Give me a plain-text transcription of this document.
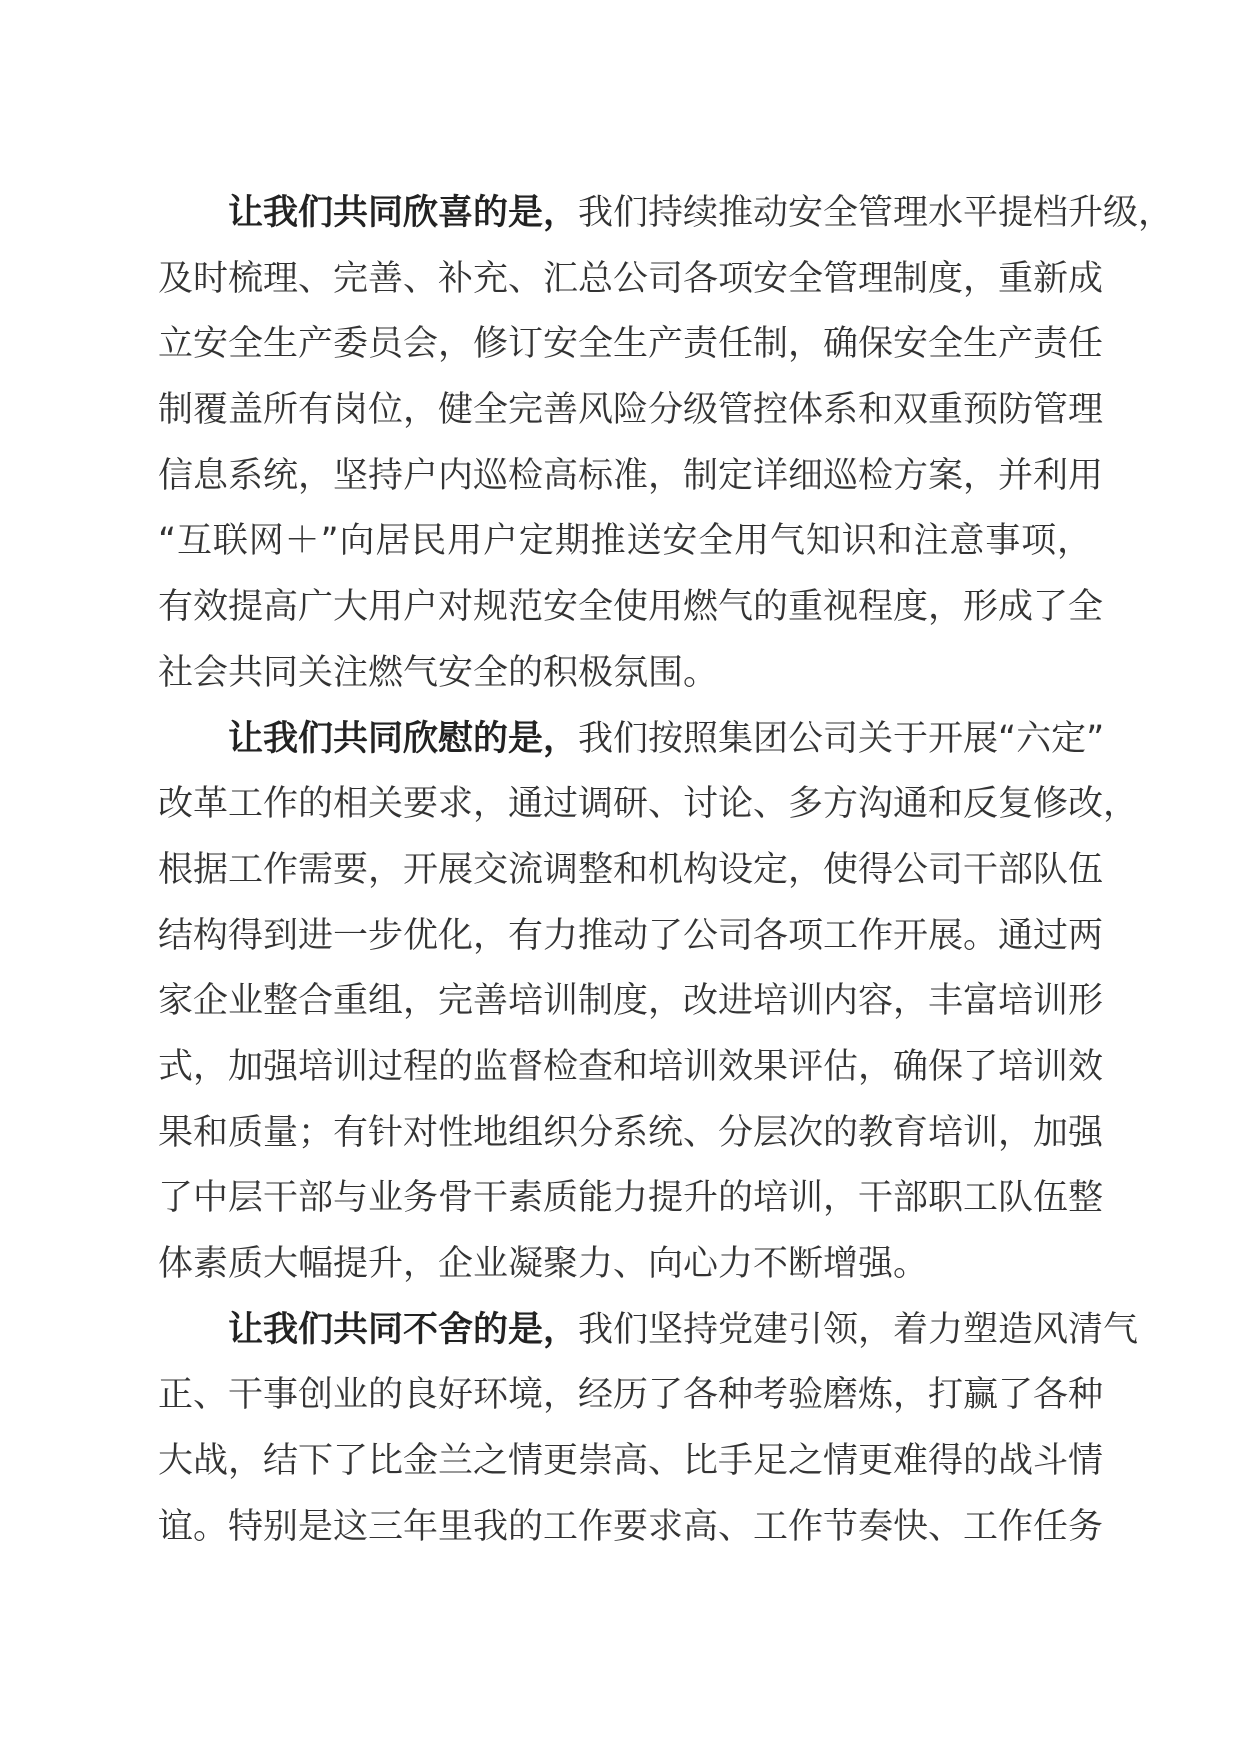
让我们共同欣喜的是，我们持续推动安全管理水平提档升级，
及时梳理、完善、补充、汇总公司各项安全管理制度，重新成
立安全生产委员会，修订安全生产责任制，确保安全生产责任
制覆盖所有岗位，健全完善风险分级管控体系和双重预防管理
信息系统，坚持户内巡检高标准，制定详细巡检方案，并利用
“互联网＋”向居民用户定期推送安全用气知识和注意事项，
有效提高广大用户对规范安全使用燃气的重视程度，形成了全
社会共同关注燃气安全的积极氛围。
让我们共同欣慰的是，我们按照集团公司关于开展“六定”
改革工作的相关要求，通过调研、讨论、多方沟通和反复修改，
根据工作需要，开展交流调整和机构设定，使得公司干部队伍
结构得到进一步优化，有力推动了公司各项工作开展。通过两
家企业整合重组，完善培训制度，改进培训内容，丰富培训形
式，加强培训过程的监督检查和培训效果评估，确保了培训效
果和质量；有针对性地组织分系统、分层次的教育培训，加强
了中层干部与业务骨干素质能力提升的培训，干部职工队伍整
体素质大幅提升，企业凝聚力、向心力不断增强。
让我们共同不舍的是，我们坚持党建引领，着力塑造风清气
正、干事创业的良好环境，经历了各种考验磨炼，打赢了各种
大战，结下了比金兰之情更崇高、比手足之情更难得的战斗情
谊。特别是这三年里我的工作要求高、工作节奏快、工作任务
